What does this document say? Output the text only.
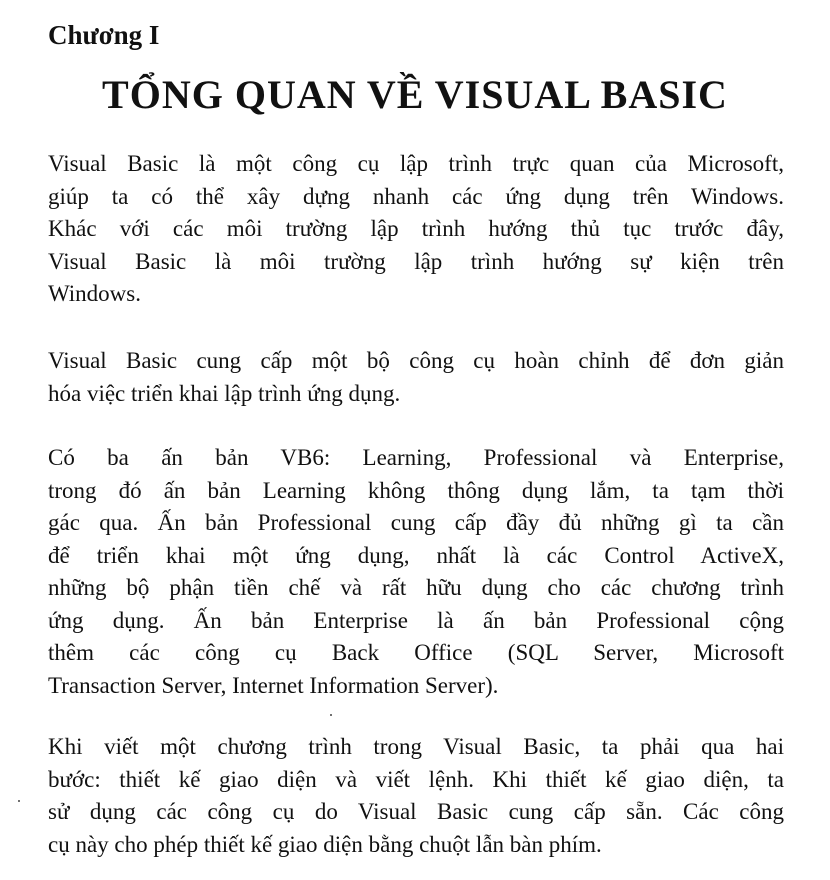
Chương I
TỔNG QUAN VỀ VISUAL BASIC

Visual Basic là một công cụ lập trình trực quan của Microsoft,
giúp ta có thể xây dựng nhanh các ứng dụng trên Windows.
Khác với các môi trường lập trình hướng thủ tục trước đây,
Visual Basic là môi trường lập trình hướng sự kiện trên
Windows.

Visual Basic cung cấp một bộ công cụ hoàn chỉnh để đơn giản
hóa việc triển khai lập trình ứng dụng.

Có ba ấn bản VB6: Learning, Professional và Enterprise,
trong đó ấn bản Learning không thông dụng lắm, ta tạm thời
gác qua. Ấn bản Professional cung cấp đầy đủ những gì ta cần
để triển khai một ứng dụng, nhất là các Control ActiveX,
những bộ phận tiền chế và rất hữu dụng cho các chương trình
ứng dụng. Ấn bản Enterprise là ấn bản Professional cộng
thêm các công cụ Back Office (SQL Server, Microsoft
Transaction Server, Internet Information Server).

Khi viết một chương trình trong Visual Basic, ta phải qua hai
bước: thiết kế giao diện và viết lệnh. Khi thiết kế giao diện, ta
sử dụng các công cụ do Visual Basic cung cấp sẵn. Các công
cụ này cho phép thiết kế giao diện bằng chuột lẫn bàn phím.
